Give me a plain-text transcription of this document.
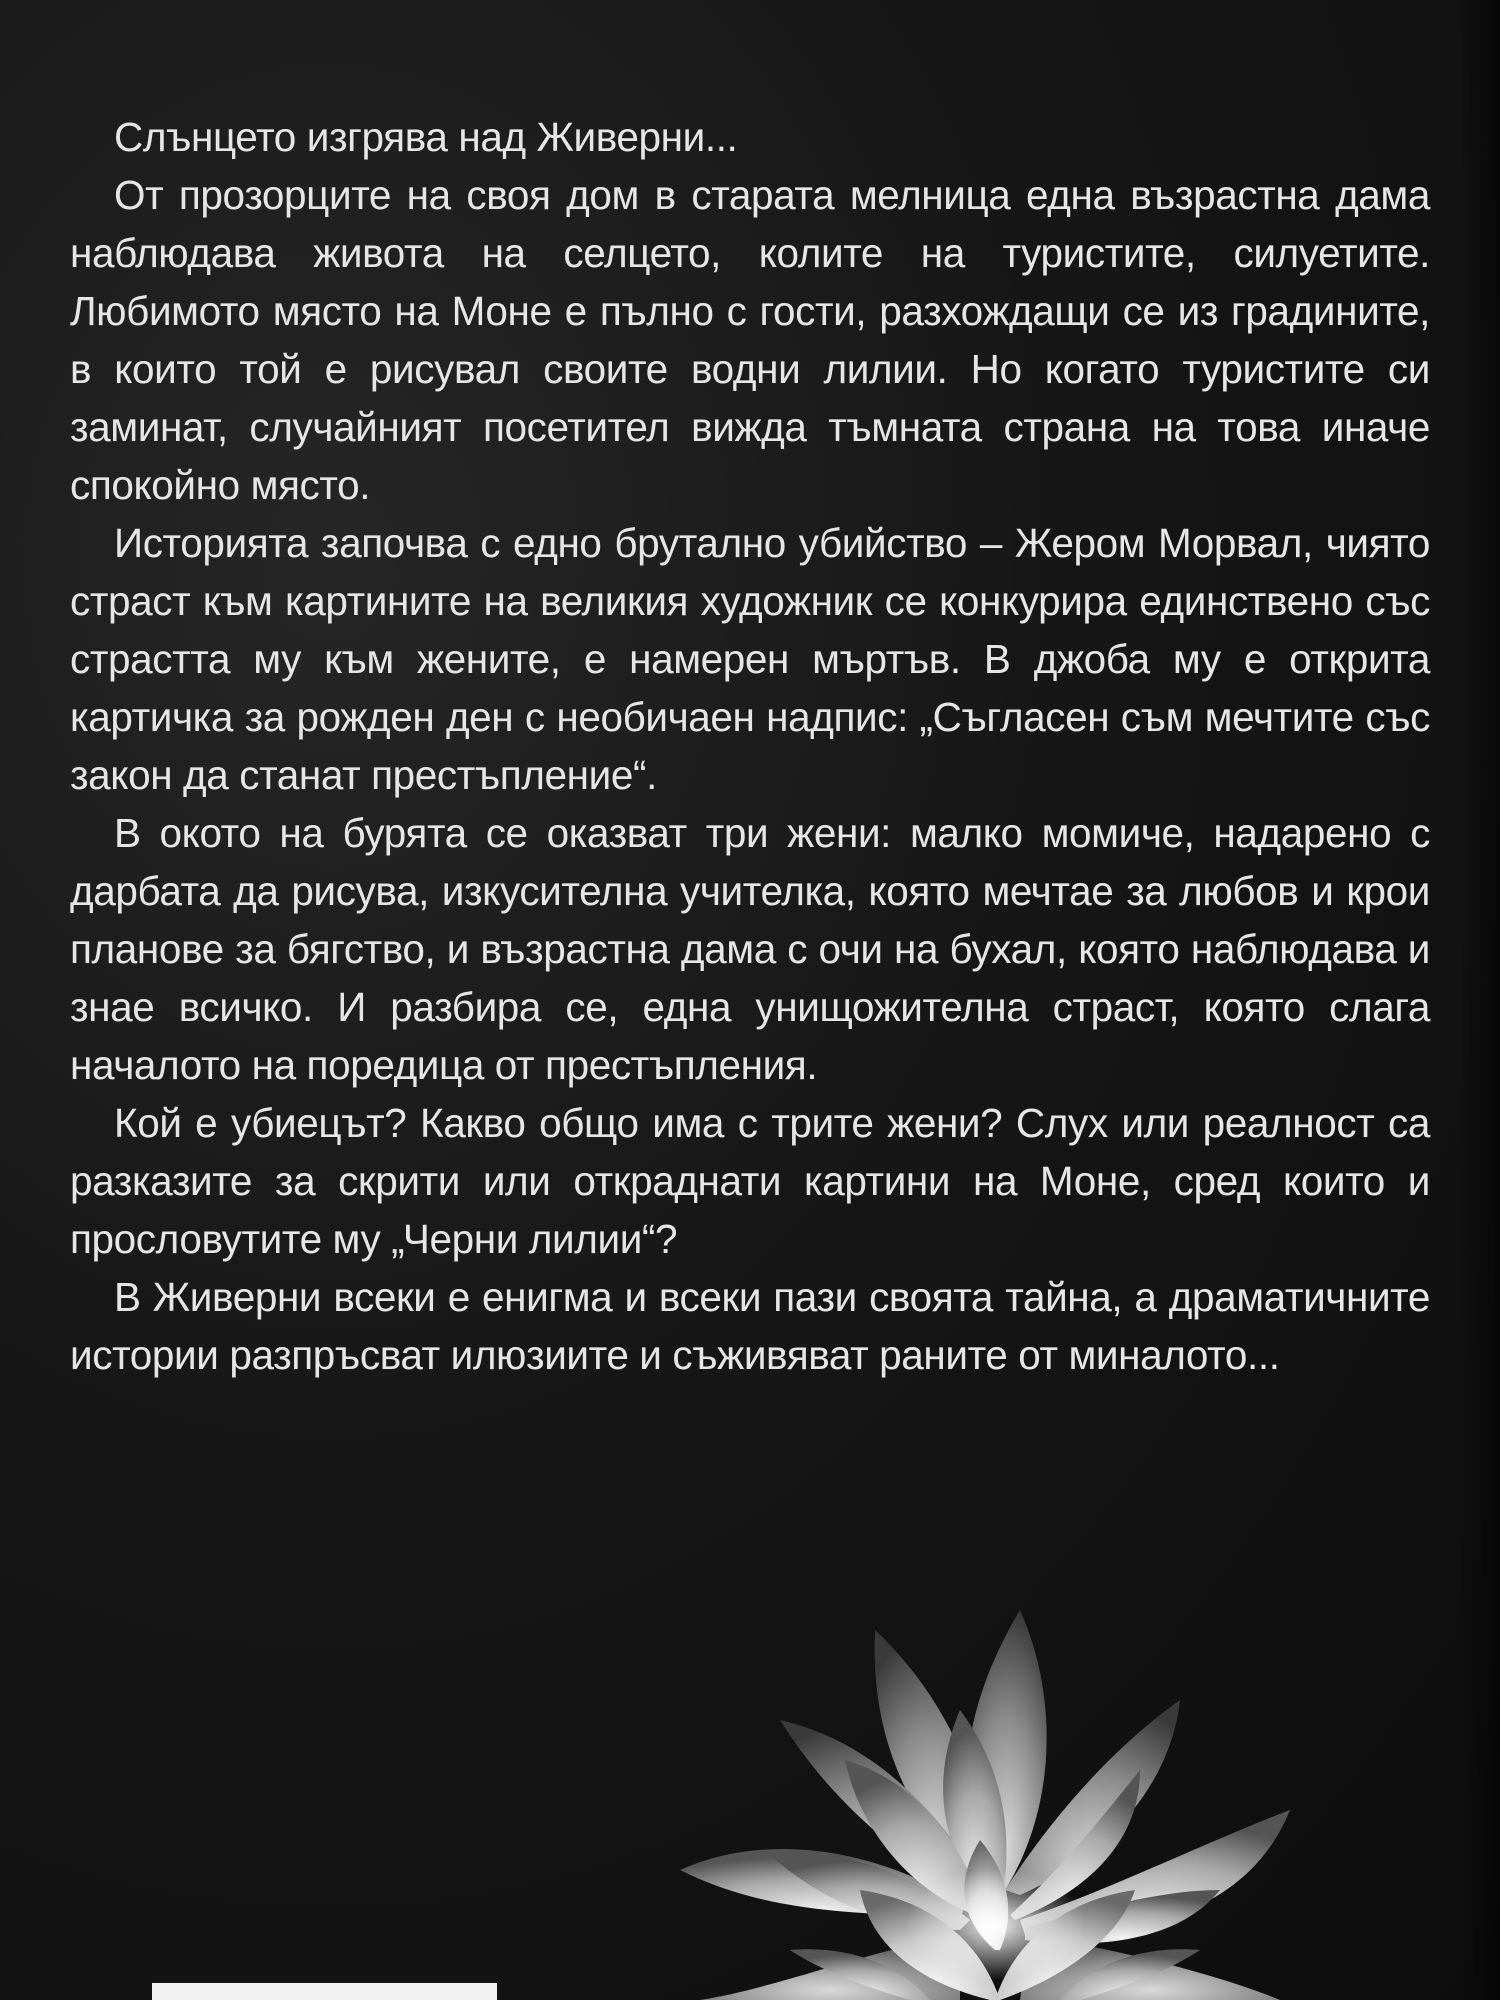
Слънцето изгрява над Живерни...

От прозорците на своя дом в старата мелница една възрастна дама наблюдава живота на селцето, колите на туристите, силуетите. Любимото място на Моне е пълно с гости, разхождащи се из градините, в които той е рисувал своите водни лилии. Но когато туристите си заминат, случайният посетител вижда тъмната страна на това иначе спокойно място.

Историята започва с едно брутално убийство – Жером Морвал, чиято страст към картините на великия художник се конкурира единствено със страстта му към жените, е намерен мъртъв. В джоба му е открита картичка за рожден ден с необичаен надпис: „Съгласен съм мечтите със закон да станат престъпление“.

В окото на бурята се оказват три жени: малко момиче, надарено с дарбата да рисува, изкусителна учителка, която мечтае за любов и крои планове за бягство, и възрастна дама с очи на бухал, която наблюдава и знае всичко. И разбира се, една унищожителна страст, която слага началото на поредица от престъпления.

Кой е убиецът? Какво общо има с трите жени? Слух или реалност са разказите за скрити или откраднати картини на Моне, сред които и прословутите му „Черни лилии“?

В Живерни всеки е енигма и всеки пази своята тайна, а драматичните истории разпръсват илюзиите и съживяват раните от миналото...
